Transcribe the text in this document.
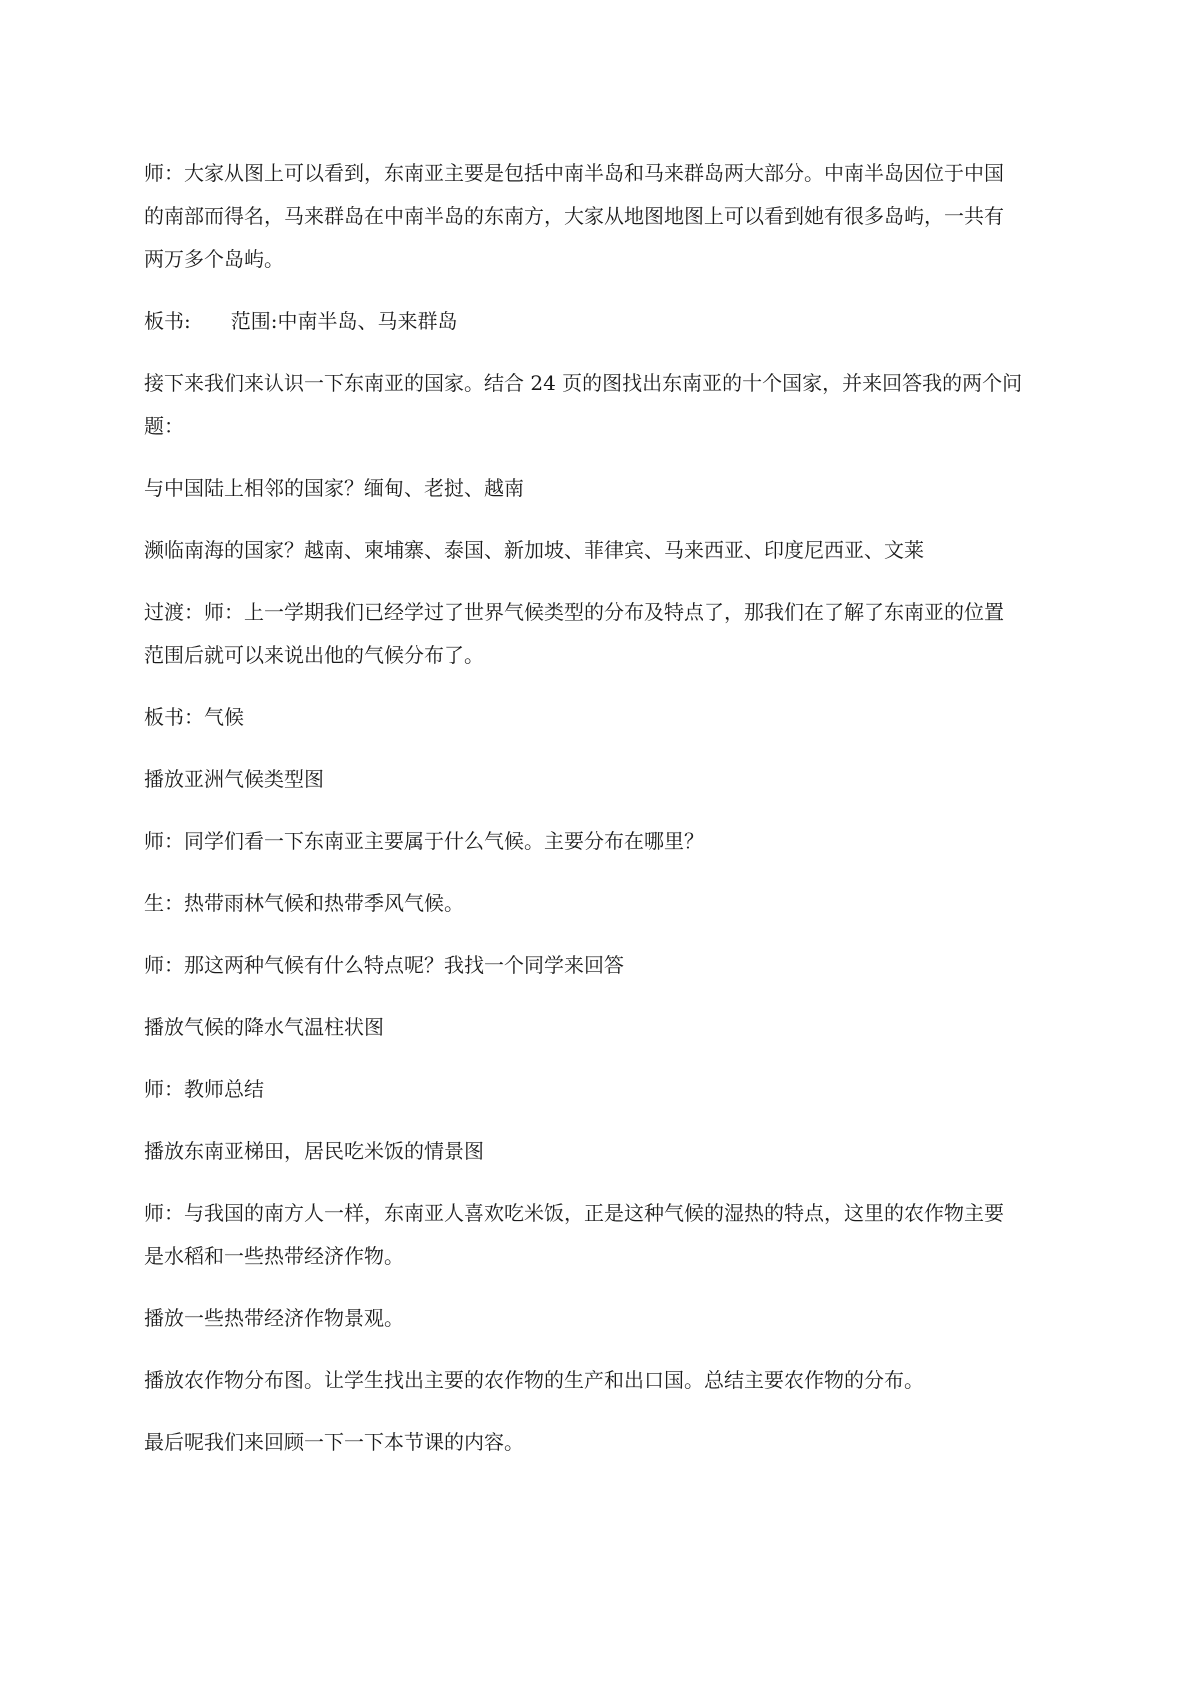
师：大家从图上可以看到，东南亚主要是包括中南半岛和马来群岛两大部分。中南半岛因位于中国
的南部而得名，马来群岛在中南半岛的东南方，大家从地图地图上可以看到她有很多岛屿，一共有
两万多个岛屿。

板书: 范围:中南半岛、马来群岛

接下来我们来认识一下东南亚的国家。结合 24 页的图找出东南亚的十个国家，并来回答我的两个问
题：

与中国陆上相邻的国家？缅甸、老挝、越南

濒临南海的国家？越南、柬埔寨、泰国、新加坡、菲律宾、马来西亚、印度尼西亚、文莱

过渡：师：上一学期我们已经学过了世界气候类型的分布及特点了，那我们在了解了东南亚的位置
范围后就可以来说出他的气候分布了。

板书：气候

播放亚洲气候类型图

师：同学们看一下东南亚主要属于什么气候。主要分布在哪里？

生：热带雨林气候和热带季风气候。

师：那这两种气候有什么特点呢？我找一个同学来回答

播放气候的降水气温柱状图

师：教师总结

播放东南亚梯田，居民吃米饭的情景图

师：与我国的南方人一样，东南亚人喜欢吃米饭，正是这种气候的湿热的特点，这里的农作物主要
是水稻和一些热带经济作物。

播放一些热带经济作物景观。

播放农作物分布图。让学生找出主要的农作物的生产和出口国。总结主要农作物的分布。

最后呢我们来回顾一下一下本节课的内容。
